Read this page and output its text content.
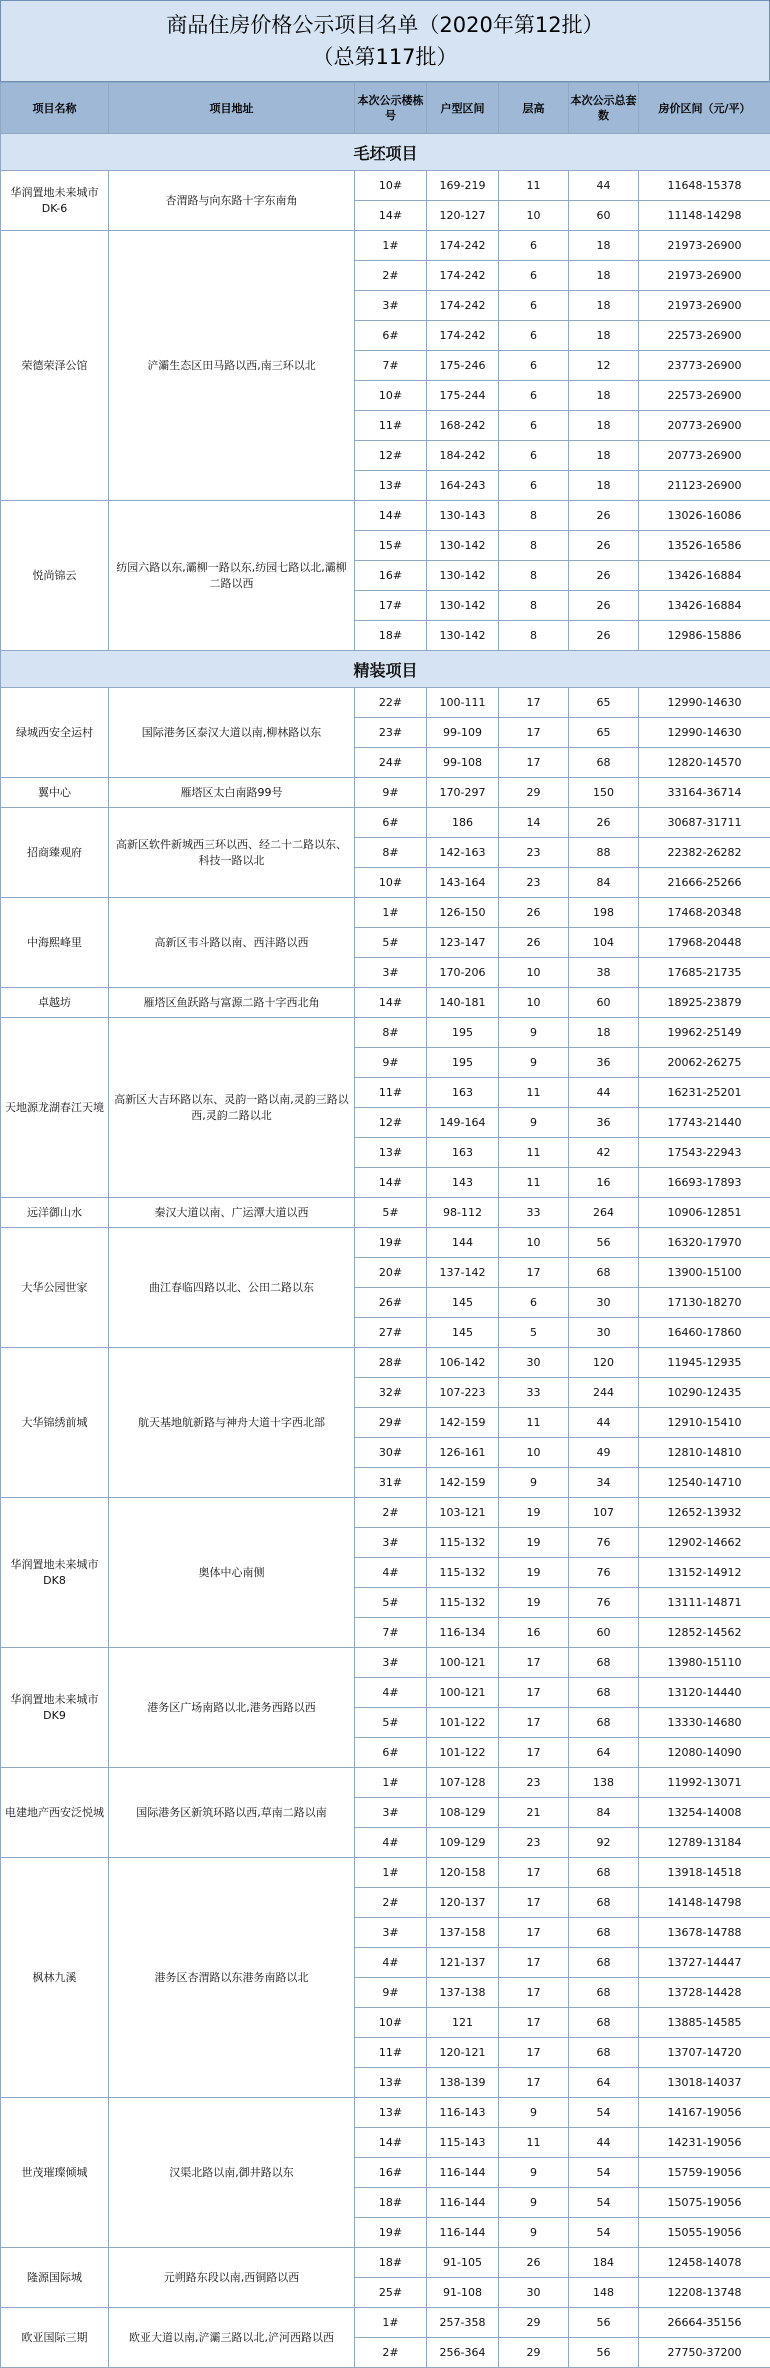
商品住房价格公示项目名单（2020年第12批）
（总第117批）
项目名称	项目地址	本次公示楼栋号	户型区间	层高	本次公示总套数	房价区间（元/平）
毛坯项目						
华润置地未来城市DK-6	杏渭路与向东路十字东南角	10#	169-219	11	44	11648-15378
		14#	120-127	10	60	11148-14298
荣德荣泽公馆	浐灞生态区田马路以西,南三环以北	1#	174-242	6	18	21973-26900
		2#	174-242	6	18	21973-26900
		3#	174-242	6	18	21973-26900
		6#	174-242	6	18	22573-26900
		7#	175-246	6	12	23773-26900
		10#	175-244	6	18	22573-26900
		11#	168-242	6	18	20773-26900
		12#	184-242	6	18	20773-26900
		13#	164-243	6	18	21123-26900
悦尚锦云	纺园六路以东,灞柳一路以东,纺园七路以北,灞柳二路以西	14#	130-143	8	26	13026-16086
		15#	130-142	8	26	13526-16586
		16#	130-142	8	26	13426-16884
		17#	130-142	8	26	13426-16884
		18#	130-142	8	26	12986-15886
精装项目						
绿城西安全运村	国际港务区泰汉大道以南,柳林路以东	22#	100-111	17	65	12990-14630
		23#	99-109	17	65	12990-14630
		24#	99-108	17	68	12820-14570
翼中心	雁塔区太白南路99号	9#	170-297	29	150	33164-36714
招商臻观府	高新区软件新城西三环以西、经二十二路以东、科技一路以北	6#	186	14	26	30687-31711
		8#	142-163	23	88	22382-26282
		10#	143-164	23	84	21666-25266
中海熙峰里	高新区韦斗路以南、西沣路以西	1#	126-150	26	198	17468-20348
		5#	123-147	26	104	17968-20448
		3#	170-206	10	38	17685-21735
卓越坊	雁塔区鱼跃路与富源二路十字西北角	14#	140-181	10	60	18925-23879
天地源龙湖春江天境	高新区大吉环路以东、灵韵一路以南,灵韵三路以西,灵韵二路以北	8#	195	9	18	19962-25149
		9#	195	9	36	20062-26275
		11#	163	11	44	16231-25201
		12#	149-164	9	36	17743-21440
		13#	163	11	42	17543-22943
		14#	143	11	16	16693-17893
远洋御山水	秦汉大道以南、广运潭大道以西	5#	98-112	33	264	10906-12851
大华公园世家	曲江春临四路以北、公田二路以东	19#	144	10	56	16320-17970
		20#	137-142	17	68	13900-15100
		26#	145	6	30	17130-18270
		27#	145	5	30	16460-17860
大华锦绣前城	航天基地航新路与神舟大道十字西北部	28#	106-142	30	120	11945-12935
		32#	107-223	33	244	10290-12435
		29#	142-159	11	44	12910-15410
		30#	126-161	10	49	12810-14810
		31#	142-159	9	34	12540-14710
华润置地未来城市DK8	奥体中心南侧	2#	103-121	19	107	12652-13932
		3#	115-132	19	76	12902-14662
		4#	115-132	19	76	13152-14912
		5#	115-132	19	76	13111-14871
		7#	116-134	16	60	12852-14562
华润置地未来城市DK9	港务区广场南路以北,港务西路以西	3#	100-121	17	68	13980-15110
		4#	100-121	17	68	13120-14440
		5#	101-122	17	68	13330-14680
		6#	101-122	17	64	12080-14090
电建地产西安泛悦城	国际港务区新筑环路以西,草南二路以南	1#	107-128	23	138	11992-13071
		3#	108-129	21	84	13254-14008
		4#	109-129	23	92	12789-13184
枫林九溪	港务区杏渭路以东港务南路以北	1#	120-158	17	68	13918-14518
		2#	120-137	17	68	14148-14798
		3#	137-158	17	68	13678-14788
		4#	121-137	17	68	13727-14447
		9#	137-138	17	68	13728-14428
		10#	121	17	68	13885-14585
		11#	120-121	17	68	13707-14720
		13#	138-139	17	64	13018-14037
世茂璀璨倾城	汉渠北路以南,御井路以东	13#	116-143	9	54	14167-19056
		14#	115-143	11	44	14231-19056
		16#	116-144	9	54	15759-19056
		18#	116-144	9	54	15075-19056
		19#	116-144	9	54	15055-19056
隆源国际城	元朔路东段以南,西铜路以西	18#	91-105	26	184	12458-14078
		25#	91-108	30	148	12208-13748
欧亚国际三期	欧亚大道以南,浐灞三路以北,浐河西路以西	1#	257-358	29	56	26664-35156
		2#	256-364	29	56	27750-37200
